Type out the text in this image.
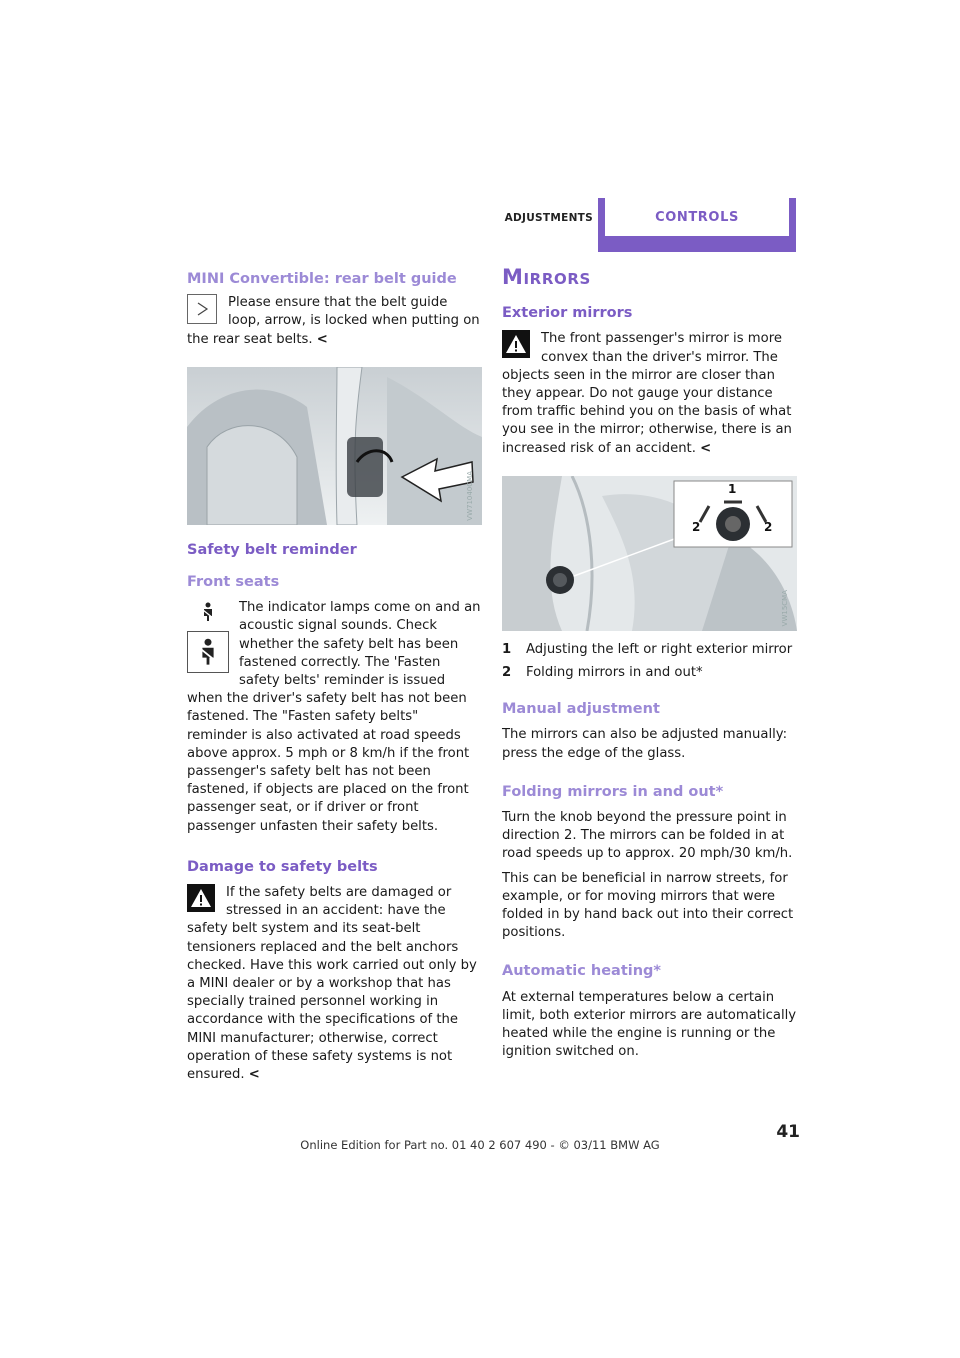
ADJUSTMENTS	CONTROLS
MINI Convertible: rear belt guide

Please ensure that the belt guide loop, arrow, is locked when putting on the rear seat belts. <

VW71040CMA
Safety belt reminder
Front seats

The indicator lamps come on and an acoustic signal sounds. Check whether the safety belt has been fastened correctly. The 'Fasten safety belts' reminder is issued when the driver's safety belt has not been fastened. The "Fasten safety belts" reminder is also activated at road speeds above approx. 5 mph or 8 km/h if the front passenger's safety belt has not been fastened, if objects are placed on the front passenger seat, or if driver or front passenger unfasten their safety belts.

Damage to safety belts

If the safety belts are damaged or stressed in an accident: have the safety belt system and its seat-belt tensioners replaced and the belt anchors checked. Have this work carried out only by a MINI dealer or by a workshop that has specially trained personnel working in accordance with the specifications of the MINI manufacturer; otherwise, correct operation of these safety systems is not ensured. <

Mirrors
Exterior mirrors

The front passenger's mirror is more convex than the driver's mirror. The objects seen in the mirror are closer than they appear. Do not gauge your distance from traffic behind you on the basis of what you see in the mirror; otherwise, there is an increased risk of an accident. <

1
2	2
VW15CMA
1	Adjusting the left or right exterior mirror
2	Folding mirrors in and out*
Manual adjustment

The mirrors can also be adjusted manually: press the edge of the glass.

Folding mirrors in and out*

Turn the knob beyond the pressure point in direction 2. The mirrors can be folded in at road speeds up to approx. 20 mph/30 km/h.

This can be beneficial in narrow streets, for example, or for moving mirrors that were folded in by hand back out into their correct positions.

Automatic heating*

At external temperatures below a certain limit, both exterior mirrors are automatically heated while the engine is running or the ignition switched on.

41
Online Edition for Part no. 01 40 2 607 490 - © 03/11 BMW AG
